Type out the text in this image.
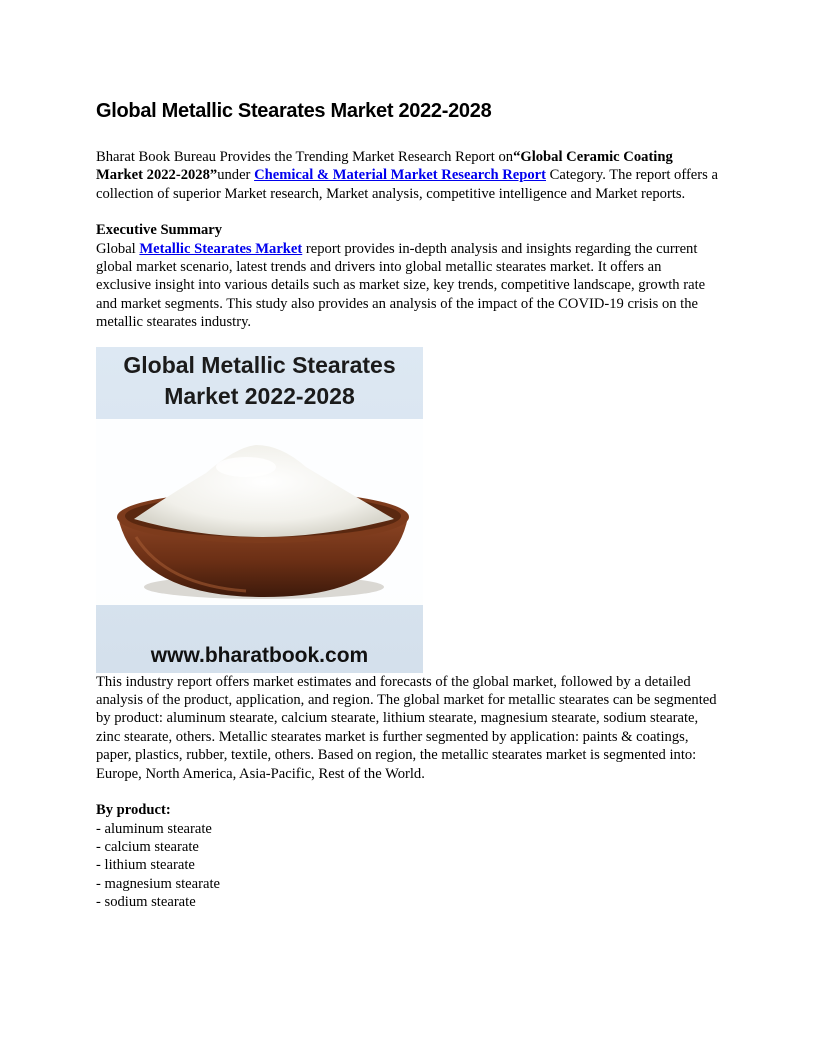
Global Metallic Stearates Market 2022-2028

Bharat Book Bureau Provides the Trending Market Research Report on“Global Ceramic Coating Market 2022-2028”under Chemical & Material Market Research Report Category. The report offers a collection of superior Market research, Market analysis, competitive intelligence and Market reports.

Executive Summary

Global Metallic Stearates Market report provides in-depth analysis and insights regarding the current global market scenario, latest trends and drivers into global metallic stearates market. It offers an exclusive insight into various details such as market size, key trends, competitive landscape, growth rate and market segments. This study also provides an analysis of the impact of the COVID-19 crisis on the metallic stearates industry.

Global Metallic Stearates
Market 2022-2028
www.bharatbook.com

This industry report offers market estimates and forecasts of the global market, followed by a detailed analysis of the product, application, and region. The global market for metallic stearates can be segmented by product: aluminum stearate, calcium stearate, lithium stearate, magnesium stearate, sodium stearate, zinc stearate, others. Metallic stearates market is further segmented by application: paints & coatings, paper, plastics, rubber, textile, others. Based on region, the metallic stearates market is segmented into: Europe, North America, Asia-Pacific, Rest of the World.

By product:

- aluminum stearate
- calcium stearate
- lithium stearate
- magnesium stearate
- sodium stearate
